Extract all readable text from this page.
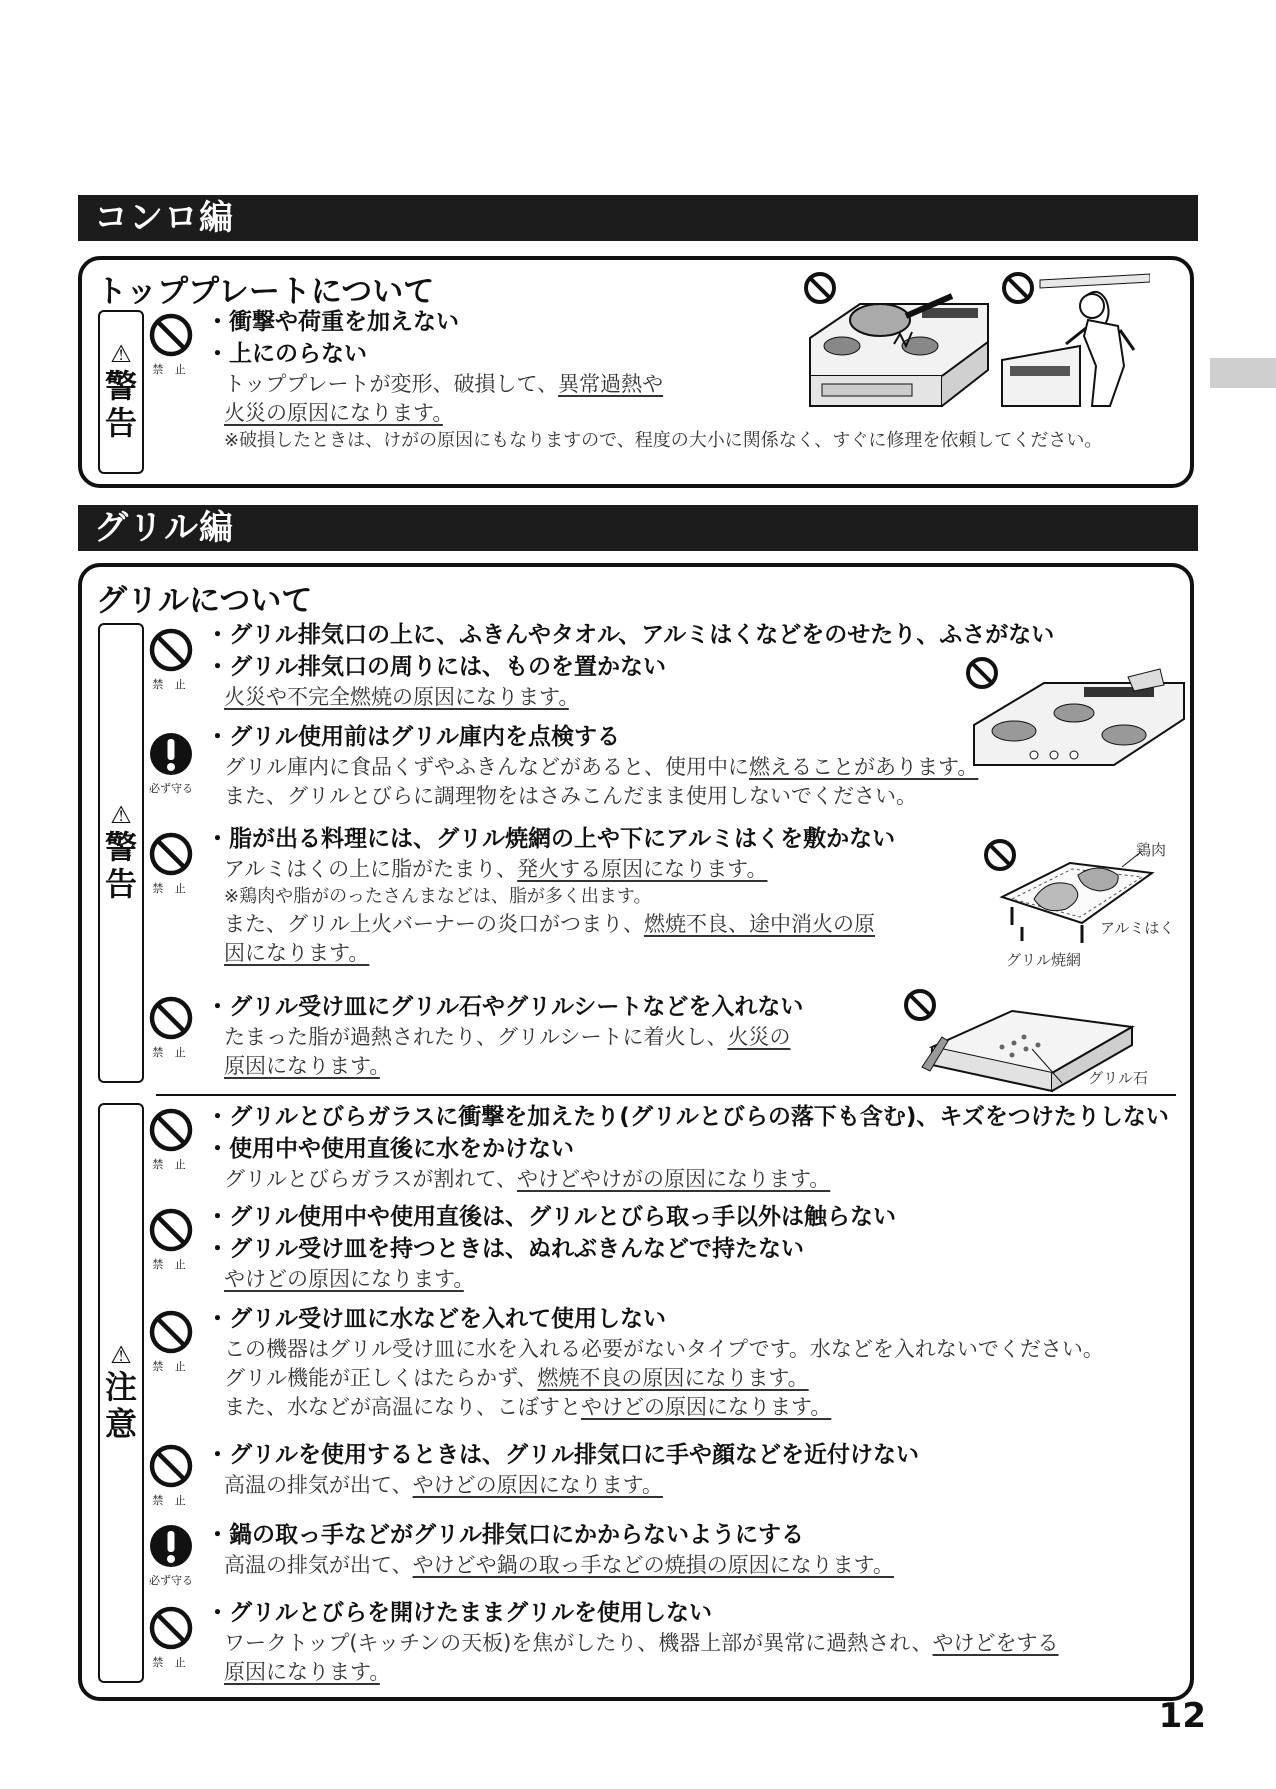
コンロ編
トッププレートについて
⚠
警
告
禁 止
・衝撃や荷重を加えない
・上にのらない
トッププレートが変形、破損して、異常過熱や
火災の原因になります。　
※破損したときは、けがの原因にもなりますので、程度の大小に関係なく、すぐに修理を依頼してください。
グリル編
グリルについて
⚠
警
告
⚠
注
意
禁 止
・グリル排気口の上に、ふきんやタオル、アルミはくなどをのせたり、ふさがない
・グリル排気口の周りには、ものを置かない
火災や不完全燃焼の原因になります。　
必ず守る
・グリル使用前はグリル庫内を点検する
グリル庫内に食品くずやふきんなどがあると、使用中に燃えることがあります。
また、グリルとびらに調理物をはさみこんだまま使用しないでください。
禁 止
・脂が出る料理には、グリル焼網の上や下にアルミはくを敷かない
アルミはくの上に脂がたまり、発火する原因になります。
※鶏肉や脂がのったさんまなどは、脂が多く出ます。
また、グリル上火バーナーの炎口がつまり、燃焼不良、途中消火の原
因になります。
鶏肉
アルミはく
グリル焼網
禁 止
・グリル受け皿にグリル石やグリルシートなどを入れない
たまった脂が過熱されたり、グリルシートに着火し、火災の
原因になります。　	グリル石
禁 止
・グリルとびらガラスに衝撃を加えたり(グリルとびらの落下も含む)、キズをつけたりしない
・使用中や使用直後に水をかけない
グリルとびらガラスが割れて、やけどやけがの原因になります。
禁 止
・グリル使用中や使用直後は、グリルとびら取っ手以外は触らない
・グリル受け皿を持つときは、ぬれぶきんなどで持たない
やけどの原因になります。　
禁 止
・グリル受け皿に水などを入れて使用しない
この機器はグリル受け皿に水を入れる必要がないタイプです。水などを入れないでください。
グリル機能が正しくはたらかず、燃焼不良の原因になります。
また、水などが高温になり、こぼすとやけどの原因になります。
禁 止
・グリルを使用するときは、グリル排気口に手や顔などを近付けない
高温の排気が出て、やけどの原因になります。
必ず守る
・鍋の取っ手などがグリル排気口にかからないようにする
高温の排気が出て、やけどや鍋の取っ手などの焼損の原因になります。
禁 止
・グリルとびらを開けたままグリルを使用しない
ワークトップ(キッチンの天板)を焦がしたり、機器上部が異常に過熱され、やけどをする
原因になります。　
12
